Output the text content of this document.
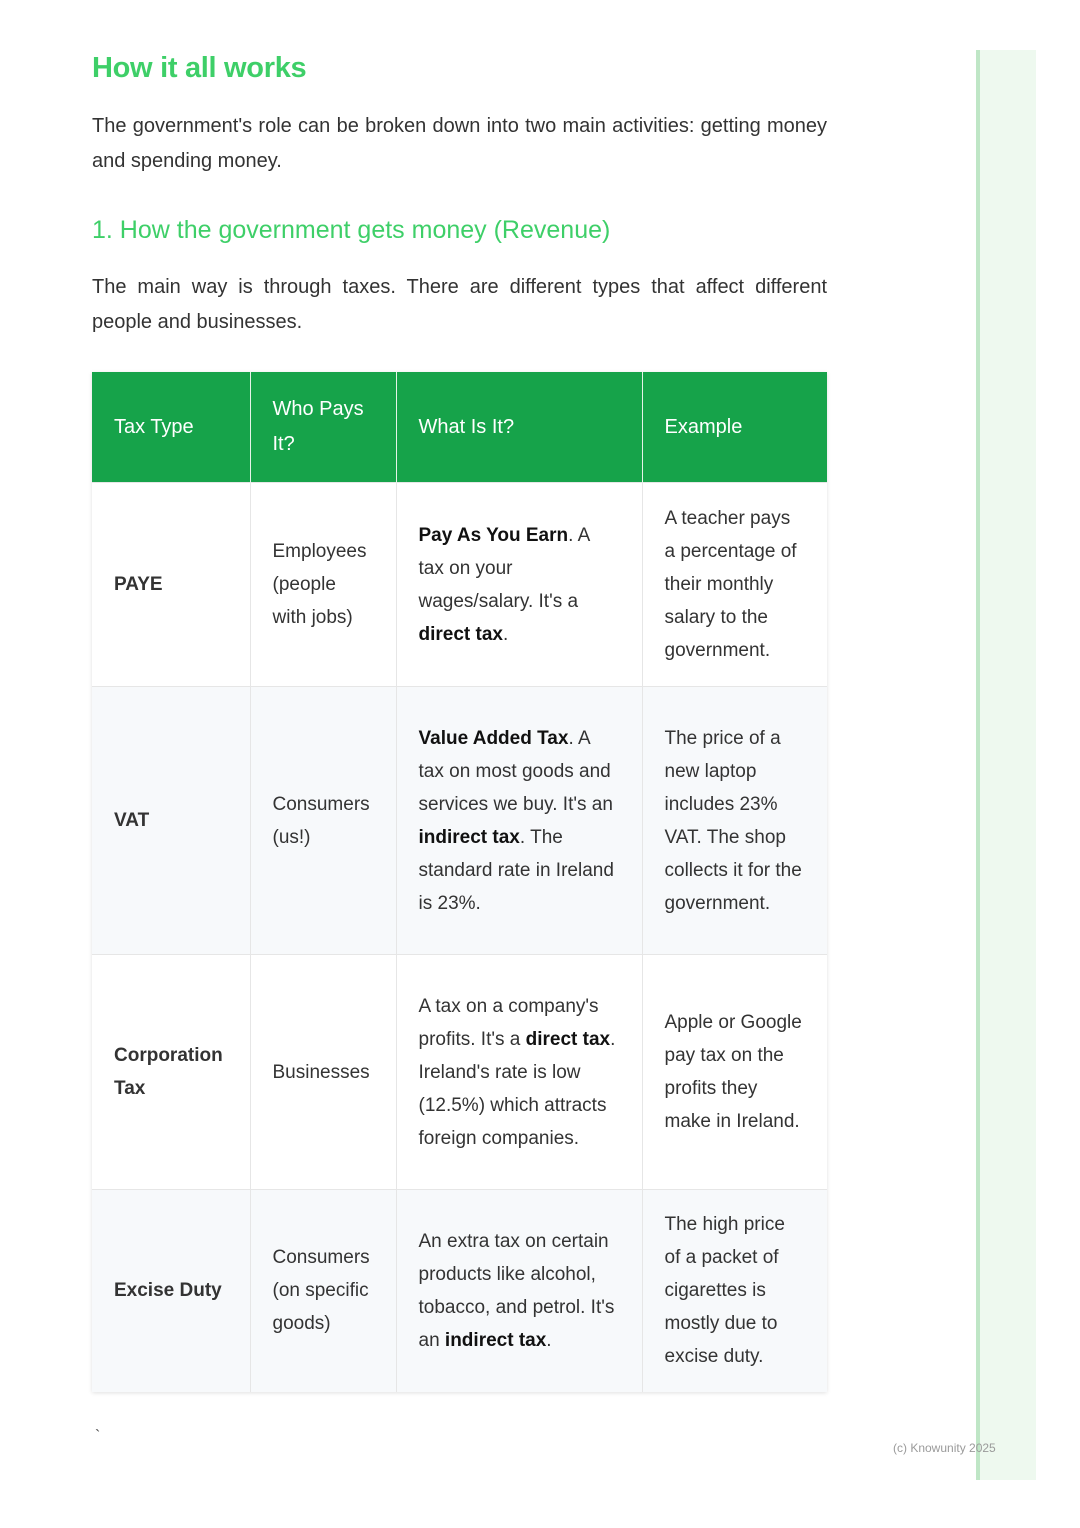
How it all works

The government's role can be broken down into two main activities: getting money and spending money.

1. How the government gets money (Revenue)

The main way is through taxes. There are different types that affect different people and businesses.

Tax Type	Who Pays It?	What Is It?	Example
PAYE	Employees (people with jobs)	Pay As You Earn. A tax on your wages/salary. It's a direct tax.	A teacher pays a percentage of their monthly salary to the government.
VAT	Consumers (us!)	Value Added Tax. A tax on most goods and services we buy. It's an indirect tax. The standard rate in Ireland is 23%.	The price of a new laptop includes 23% VAT. The shop collects it for the government.
Corporation Tax	Businesses	A tax on a company's profits. It's a direct tax. Ireland's rate is low (12.5%) which attracts foreign companies.	Apple or Google pay tax on the profits they make in Ireland.
Excise Duty	Consumers (on specific goods)	An extra tax on certain products like alcohol, tobacco, and petrol. It's an indirect tax.	The high price of a packet of cigarettes is mostly due to excise duty.
`
(c) Knowunity 2025
